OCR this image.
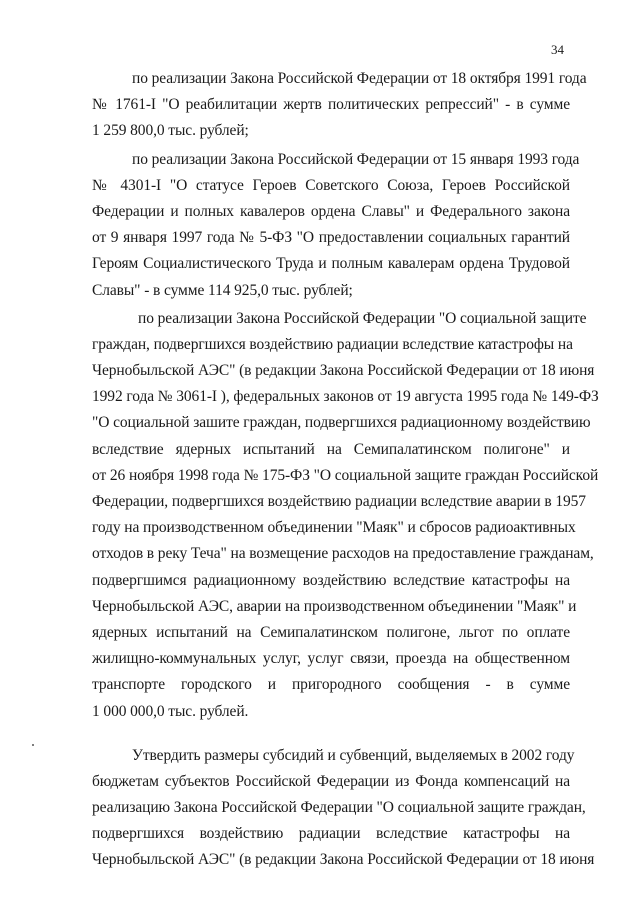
34
по реализации Закона Российской Федерации от 18 октября 1991 года
№ 1761-I "О реабилитации жертв политических репрессий" - в сумме
1 259 800,0 тыс. рублей;
по реализации Закона Российской Федерации от 15 января 1993 года
№ 4301-I "О статусе Героев Советского Союза, Героев Российской
Федерации и полных кавалеров ордена Славы" и Федерального закона
от 9 января 1997 года № 5-ФЗ "О предоставлении социальных гарантий
Героям Социалистического Труда и полным кавалерам ордена Трудовой
Славы" - в сумме 114 925,0 тыс. рублей;
по реализации Закона Российской Федерации "О социальной защите
граждан, подвергшихся воздействию радиации вследствие катастрофы на
Чернобыльской АЭС" (в редакции Закона Российской Федерации от 18 июня
1992 года № 3061-I ), федеральных законов от 19 августа 1995 года № 149-ФЗ
"О социальной зашите граждан, подвергшихся радиационному воздействию
вследствие ядерных испытаний на Семипалатинском полигоне" и
от 26 ноября 1998 года № 175-ФЗ "О социальной защите граждан Российской
Федерации, подвергшихся воздействию радиации вследствие аварии в 1957
году на производственном объединении "Маяк" и сбросов радиоактивных
отходов в реку Теча" на возмещение расходов на предоставление гражданам,
подвергшимся радиационному воздействию вследствие катастрофы на
Чернобыльской АЭС, аварии на производственном объединении "Маяк" и
ядерных испытаний на Семипалатинском полигоне, льгот по оплате
жилищно-коммунальных услуг, услуг связи, проезда на общественном
транспорте городского и пригородного сообщения - в сумме
1 000 000,0 тыс. рублей.
Утвердить размеры субсидий и субвенций, выделяемых в 2002 году
бюджетам субъектов Российской Федерации из Фонда компенсаций на
реализацию Закона Российской Федерации "О социальной защите граждан,
подвергшихся воздействию радиации вследствие катастрофы на
Чернобыльской АЭС" (в редакции Закона Российской Федерации от 18 июня
